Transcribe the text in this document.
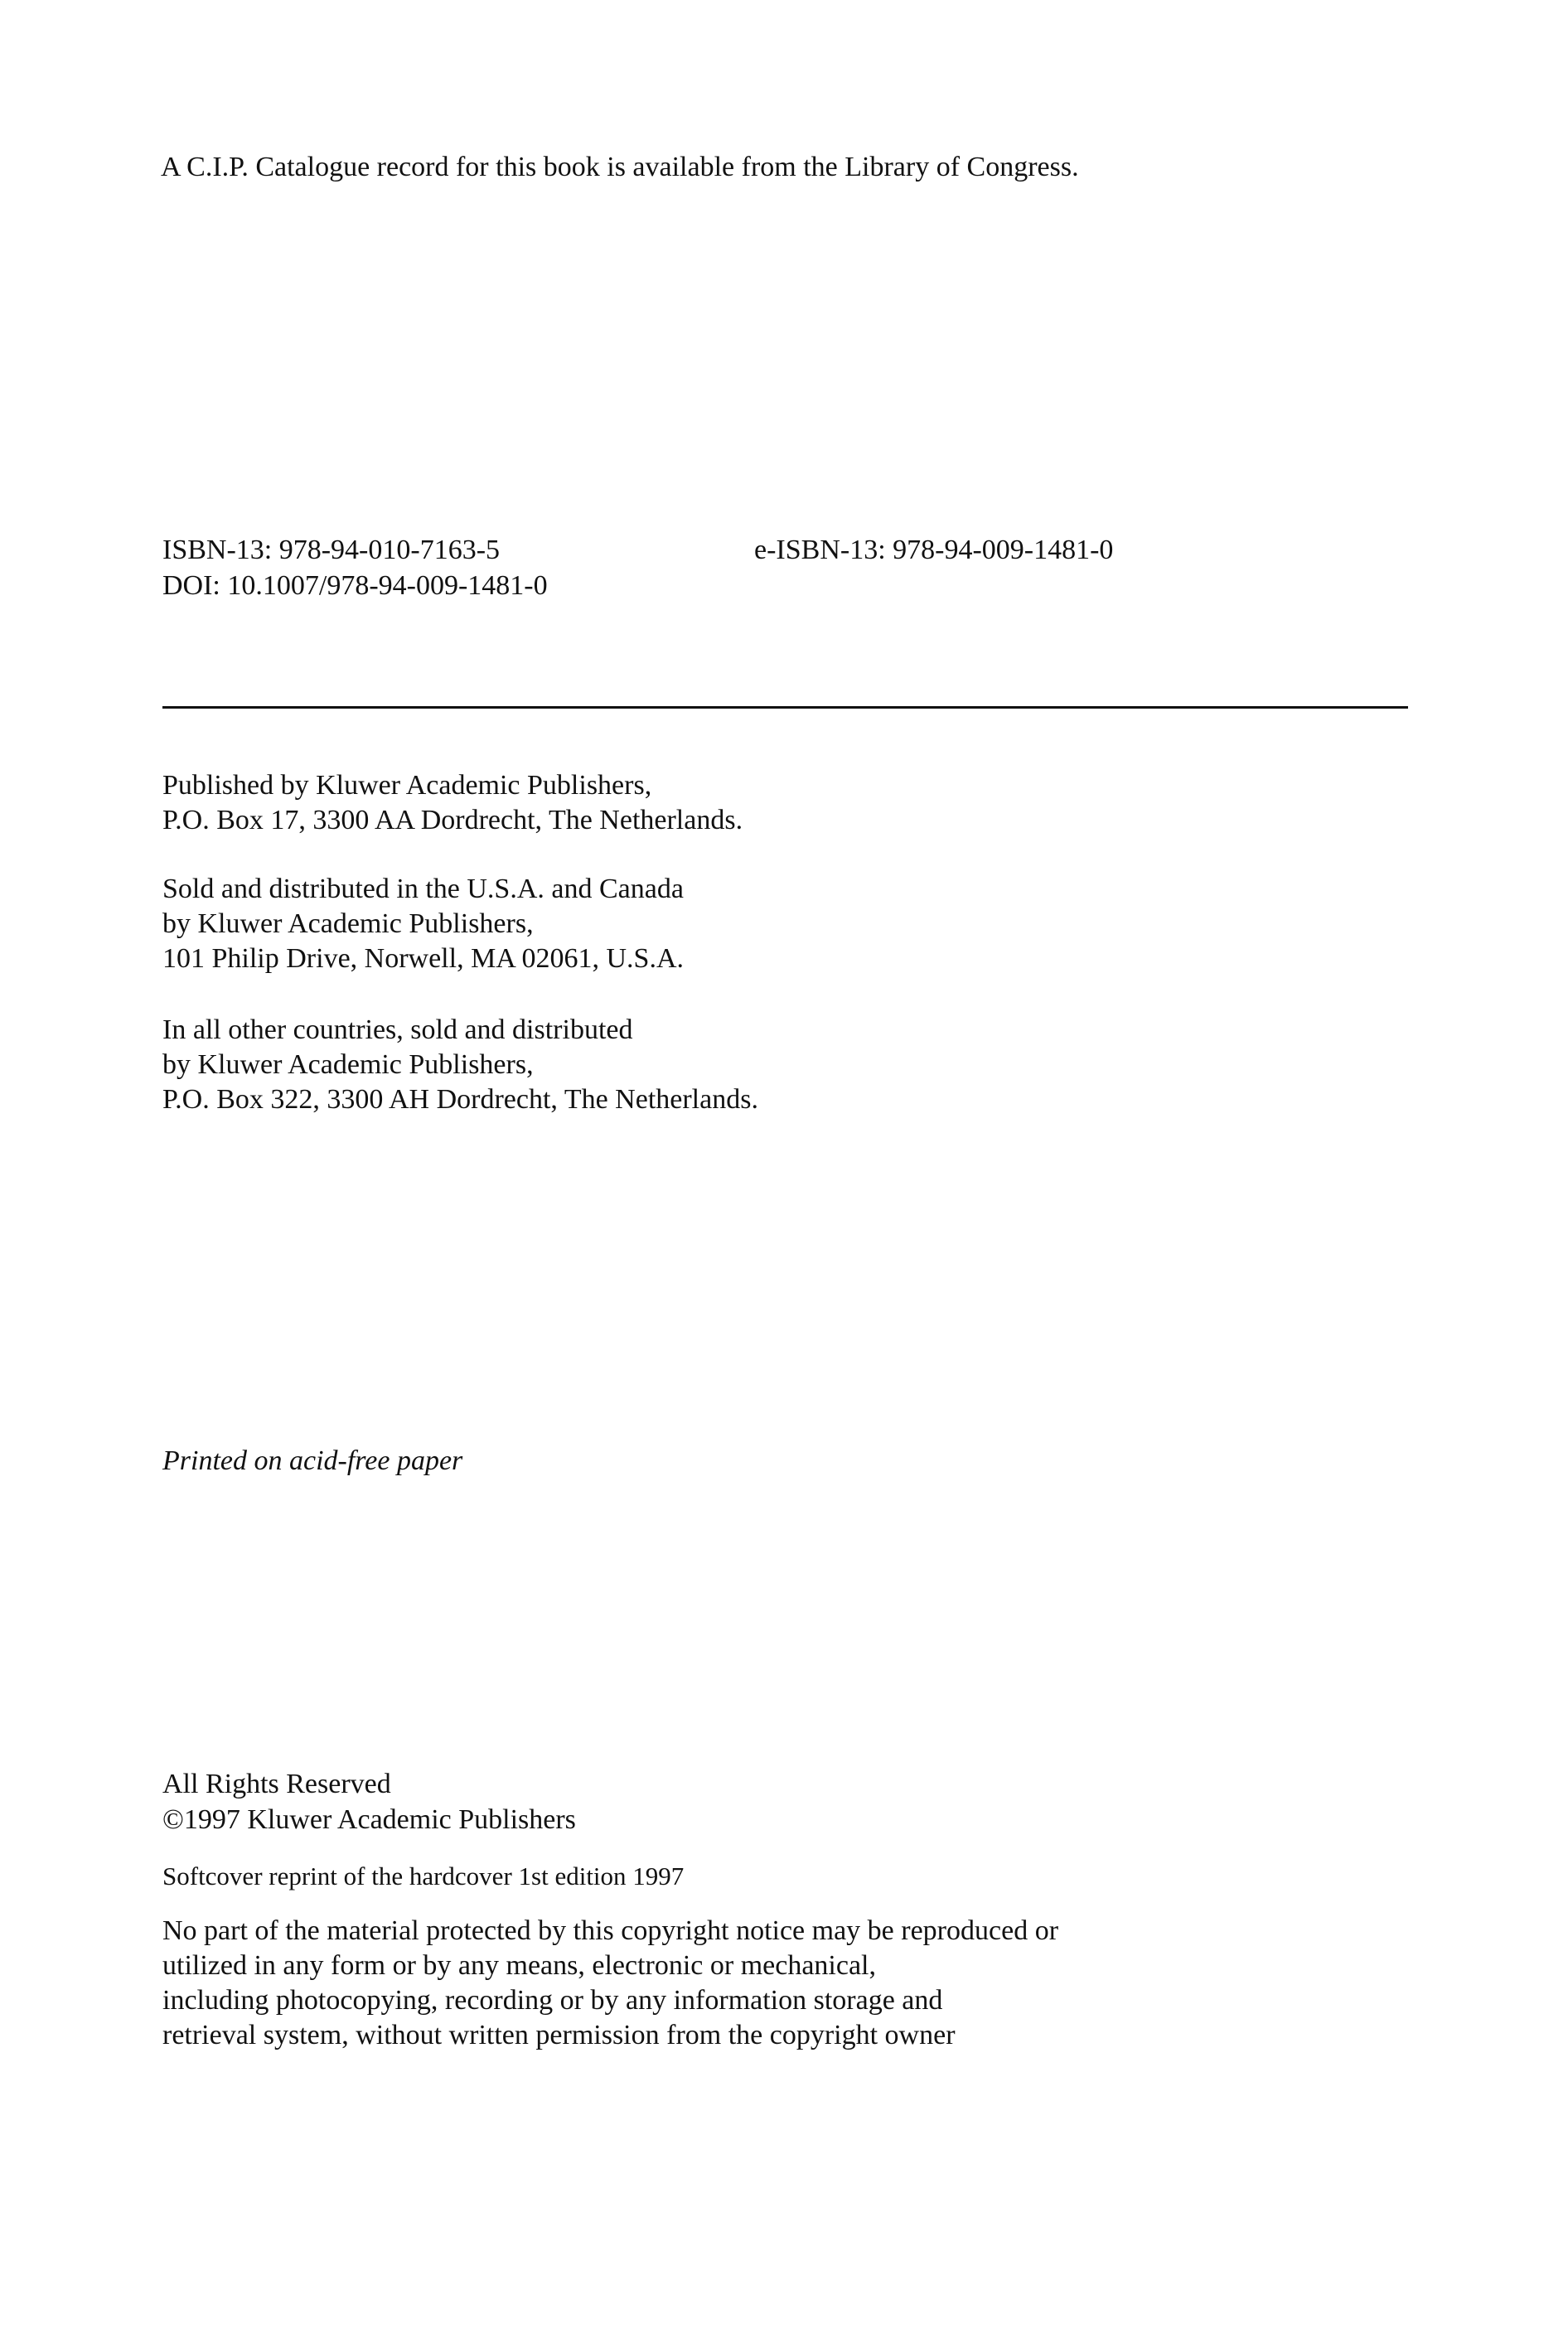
A C.I.P. Catalogue record for this book is available from the Library of Congress.
ISBN-13: 978-94-010-7163-5	e-ISBN-13: 978-94-009-1481-0
DOI: 10.1007/978-94-009-1481-0
Published by Kluwer Academic Publishers,
P.O. Box 17, 3300 AA Dordrecht, The Netherlands.
Sold and distributed in the U.S.A. and Canada
by Kluwer Academic Publishers,
101 Philip Drive, Norwell, MA 02061, U.S.A.
In all other countries, sold and distributed
by Kluwer Academic Publishers,
P.O. Box 322, 3300 AH Dordrecht, The Netherlands.
Printed on acid-free paper
All Rights Reserved
©1997 Kluwer Academic Publishers
Softcover reprint of the hardcover 1st edition 1997
No part of the material protected by this copyright notice may be reproduced or
utilized in any form or by any means, electronic or mechanical,
including photocopying, recording or by any information storage and
retrieval system, without written permission from the copyright owner
